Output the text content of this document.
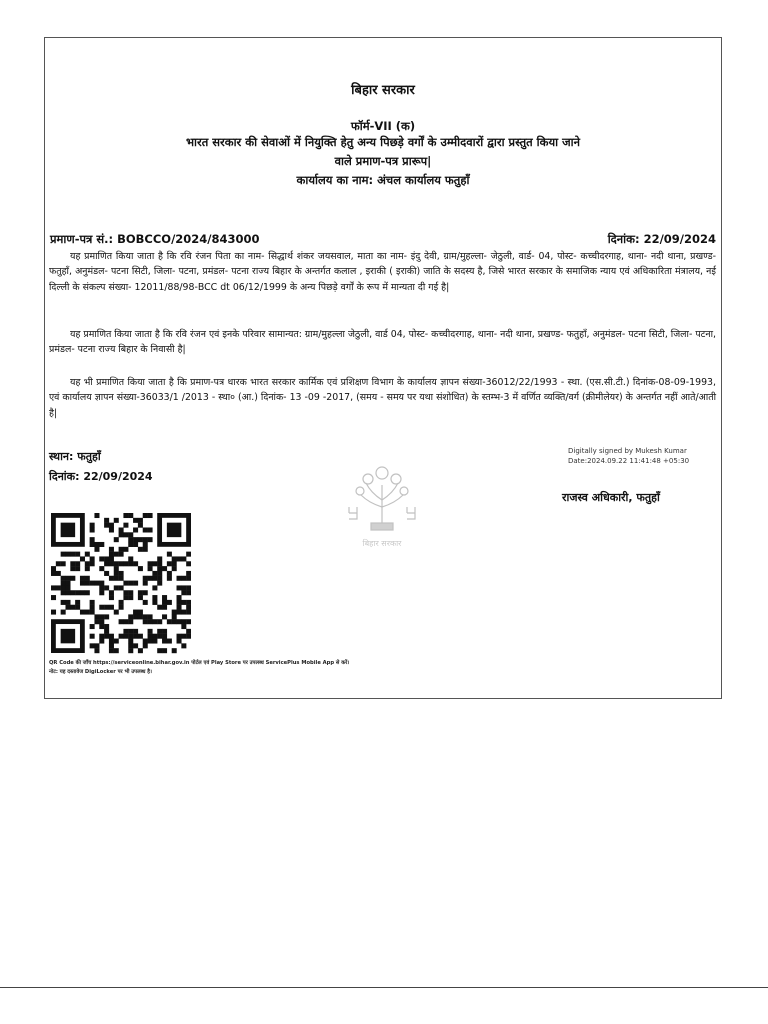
बिहार सरकार
फॉर्म-VII (क)
भारत सरकार की सेवाओं में नियुक्ति हेतु अन्य पिछड़े वर्गों के उम्मीदवारों द्वारा प्रस्तुत किया जाने
वाले प्रमाण-पत्र प्रारूप|
कार्यालय का नाम: अंचल कार्यालय फतुहाँ
प्रमाण-पत्र सं.: BOBCCO/2024/843000	दिनांक: 22/09/2024

यह प्रमाणित किया जाता है कि रवि रंजन पिता का नाम- सिद्धार्थ शंकर जयसवाल, माता का नाम- इंदु देवी, ग्राम/मुहल्ला- जेठुली, वार्ड- 04, पोस्ट- कच्चीदरगाह, थाना- नदी थाना, प्रखण्ड- फतुहाँ, अनुमंडल- पटना सिटी, जिला- पटना, प्रमंडल- पटना राज्य बिहार के अन्तर्गत कलाल , इराकी ( इराकी) जाति के सदस्य है, जिसे भारत सरकार के समाजिक न्याय एवं अधिकारिता मंत्रालय, नई दिल्ली के संकल्प संख्या- 12011/88/98-BCC dt 06/12/1999 के अन्य पिछड़े वर्गों के रूप में मान्यता दी गई है|

यह प्रमाणित किया जाता है कि रवि रंजन एवं इनके परिवार सामान्यत: ग्राम/मुहल्ला जेठुली, वार्ड 04, पोस्ट- कच्चीदरगाह, थाना- नदी थाना, प्रखण्ड- फतुहाँ, अनुमंडल- पटना सिटी, जिला- पटना, प्रमंडल- पटना राज्य बिहार के निवासी है|

यह भी प्रमाणित किया जाता है कि प्रमाण-पत्र धारक भारत सरकार कार्मिक एवं प्रशिक्षण विभाग के कार्यालय ज्ञापन संख्या-36012/22/1993 - स्था. (एस.सी.टी.) दिनांक-08-09-1993, एवं कार्यालय ज्ञापन संख्या-36033/1 /2013 - स्था० (आ.) दिनांक- 13 -09 -2017, (समय - समय पर यथा संशोधित) के स्तम्भ-3 में वर्णित व्यक्ति/वर्ग (क्रीमीलेयर) के अन्तर्गत नहीं आते/आती है|

स्थान: फतुहाँ
दिनांक: 22/09/2024
बिहार सरकार
Digitally signed by Mukesh Kumar
Date:2024.09.22 11:41:48 +05:30
राजस्व अधिकारी, फतुहाँ
QR Code की जाँच https://serviceonline.bihar.gov.in पोर्टल एवं Play Store पर उपलब्ध ServicePlus Mobile App से करें।
नोट: यह दस्तावेज DigiLocker पर भी उपलब्ध है।
